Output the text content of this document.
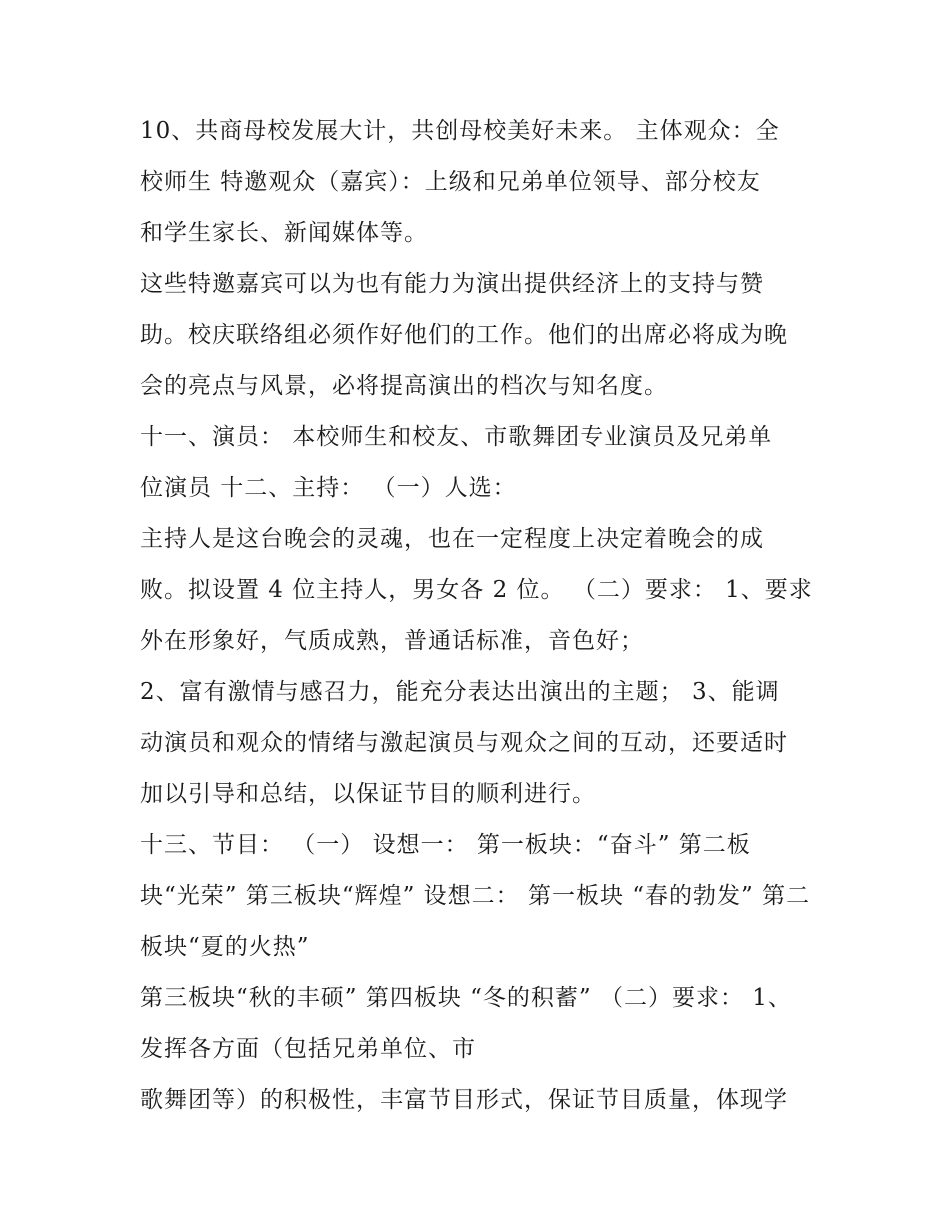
10、共商母校发展大计，共创母校美好未来。 主体观众：全
校师生 特邀观众（嘉宾）：上级和兄弟单位领导、部分校友
和学生家长、新闻媒体等。
这些特邀嘉宾可以为也有能力为演出提供经济上的支持与赞
助。校庆联络组必须作好他们的工作。他们的出席必将成为晚
会的亮点与风景，必将提高演出的档次与知名度。
十一、演员： 本校师生和校友、市歌舞团专业演员及兄弟单
位演员 十二、主持： （一）人选：
主持人是这台晚会的灵魂，也在一定程度上决定着晚会的成
败。拟设置 4 位主持人，男女各 2 位。 （二）要求： 1、要求
外在形象好，气质成熟，普通话标准，音色好；
2、富有激情与感召力，能充分表达出演出的主题； 3、能调
动演员和观众的情绪与激起演员与观众之间的互动，还要适时
加以引导和总结，以保证节目的顺利进行。
十三、节目： （一） 设想一： 第一板块：“奋斗” 第二板
块“光荣” 第三板块“辉煌” 设想二： 第一板块 “春的勃发” 第二
板块“夏的火热”
第三板块“秋的丰硕” 第四板块 “冬的积蓄” （二）要求： 1、
发挥各方面（包括兄弟单位、市
歌舞团等）的积极性，丰富节目形式，保证节目质量，体现学
